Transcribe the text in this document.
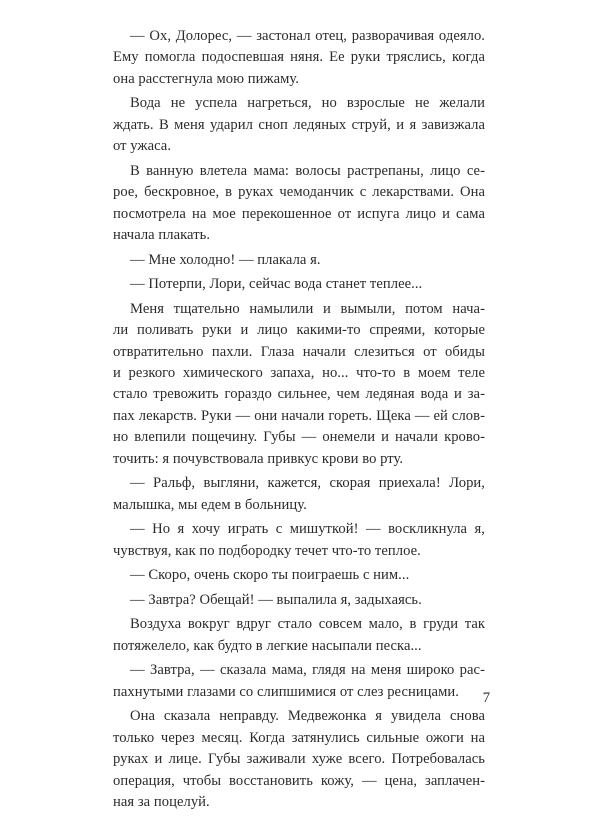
— Ох, Долорес, — застонал отец, разворачивая одеяло.
Ему помогла подоспевшая няня. Ее руки тряслись, когда
она расстегнула мою пижаму.

Вода не успела нагреться, но взрослые не желали
ждать. В меня ударил сноп ледяных струй, и я завизжала
от ужаса.

В ванную влетела мама: волосы растрепаны, лицо се-
рое, бескровное, в руках чемоданчик с лекарствами. Она
посмотрела на мое перекошенное от испуга лицо и сама
начала плакать.

— Мне холодно! — плакала я.

— Потерпи, Лори, сейчас вода станет теплее...

Меня тщательно намылили и вымыли, потом нача-
ли поливать руки и лицо какими-то спреями, которые
отвратительно пахли. Глаза начали слезиться от обиды
и резкого химического запаха, но... что-то в моем теле
стало тревожить гораздо сильнее, чем ледяная вода и за-
пах лекарств. Руки — они начали гореть. Щека — ей слов-
но влепили пощечину. Губы — онемели и начали крово-
точить: я почувствовала привкус крови во рту.

— Ральф, выгляни, кажется, скорая приехала! Лори,
малышка, мы едем в больницу.

— Но я хочу играть с мишуткой! — воскликнула я,
чувствуя, как по подбородку течет что-то теплое.

— Скоро, очень скоро ты поиграешь с ним...

— Завтра? Обещай! — выпалила я, задыхаясь.

Воздуха вокруг вдруг стало совсем мало, в груди так
потяжелело, как будто в легкие насыпали песка...

— Завтра, — сказала мама, глядя на меня широко рас-
пахнутыми глазами со слипшимися от слез ресницами.

Она сказала неправду. Медвежонка я увидела снова
только через месяц. Когда затянулись сильные ожоги на
руках и лице. Губы заживали хуже всего. Потребовалась
операция, чтобы восстановить кожу, — цена, заплачен-
ная за поцелуй.

7
